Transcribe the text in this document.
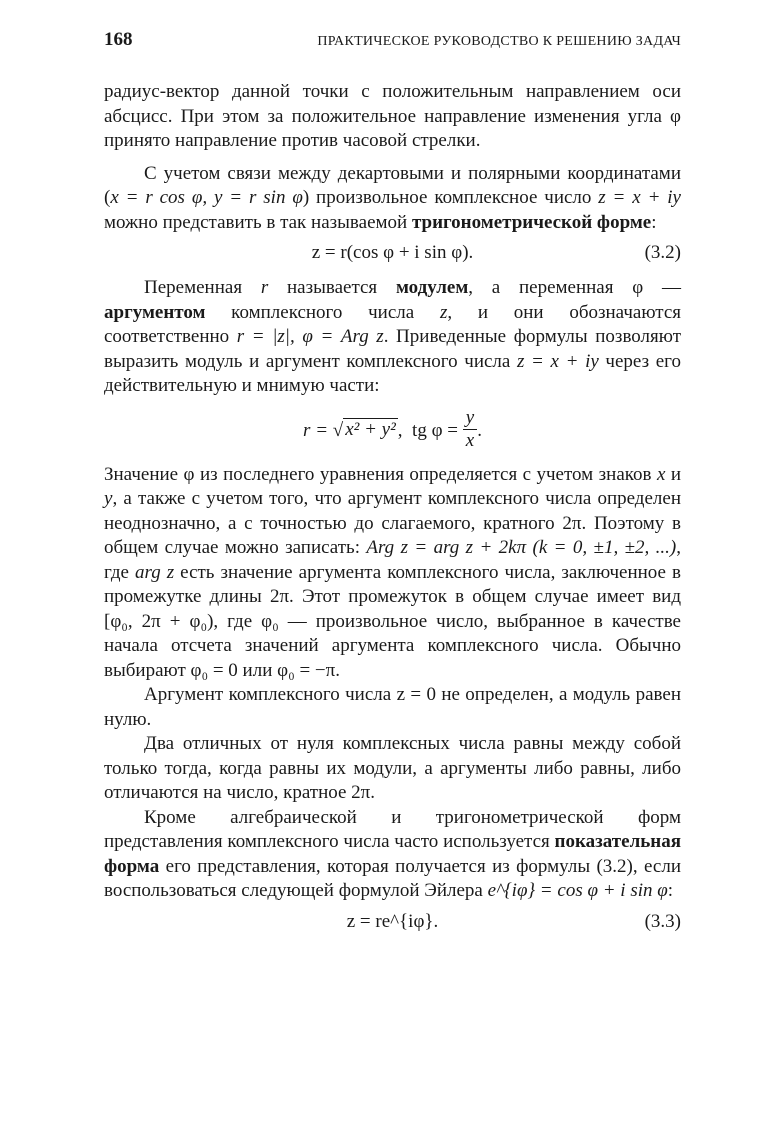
168	ПРАКТИЧЕСКОЕ РУКОВОДСТВО К РЕШЕНИЮ ЗАДАЧ

радиус-вектор данной точки с положительным направлением оси абсцисс. При этом за положительное направление изменения угла φ принято направление против часовой стрелки.

С учетом связи между декартовыми и полярными координатами (x = r cos φ, y = r sin φ) произвольное комплексное число z = x + iy можно представить в так называемой тригонометрической форме:

z = r(cos φ + i sin φ).	(3.2)

Переменная r называется модулем, а переменная φ — аргументом комплексного числа z, и они обозначаются соответственно r = |z|, φ = Arg z. Приведенные формулы позволяют выразить модуль и аргумент комплексного числа z = x + iy через его действительную и мнимую части:

r = √ x² + y² , tg $\varphi = \frac{y}{x}$ .

Значение φ из последнего уравнения определяется с учетом знаков x и y, а также с учетом того, что аргумент комплексного числа определен неоднозначно, а с точностью до слагаемого, кратного 2π. Поэтому в общем случае можно записать: Arg z = arg z + 2kπ (k = 0, ±1, ±2, ...), где arg z есть значение аргумента комплексного числа, заключенное в промежутке длины 2π. Этот промежуток в общем случае имеет вид [φ₀, 2π + φ₀), где φ₀ — произвольное число, выбранное в качестве начала отсчета значений аргумента комплексного числа. Обычно выбирают φ₀ = 0 или φ₀ = −π.

Аргумент комплексного числа z = 0 не определен, а модуль равен нулю.

Два отличных от нуля комплексных числа равны между собой только тогда, когда равны их модули, а аргументы либо равны, либо отличаются на число, кратное 2π.

Кроме алгебраической и тригонометрической форм представления комплексного числа часто используется показательная форма его представления, которая получается из формулы (3.2), если воспользоваться следующей формулой Эйлера e^{iφ} = cos φ + i sin φ:

z = re^{iφ}.	(3.3)
